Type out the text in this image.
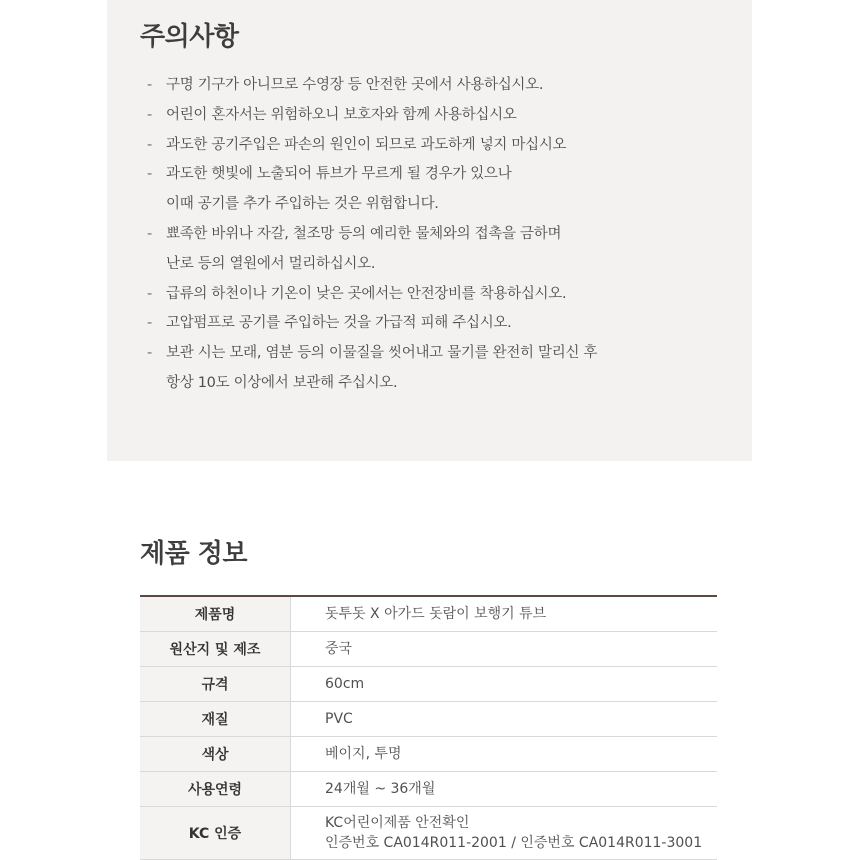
주의사항
- 구명 기구가 아니므로 수영장 등 안전한 곳에서 사용하십시오.
- 어린이 혼자서는 위험하오니 보호자와 함께 사용하십시오
- 과도한 공기주입은 파손의 원인이 되므로 과도하게 넣지 마십시오
- 과도한 햇빛에 노출되어 튜브가 무르게 될 경우가 있으나
이때 공기를 추가 주입하는 것은 위험합니다.
- 뾰족한 바위나 자갈, 철조망 등의 예리한 물체와의 접촉을 금하며
난로 등의 열원에서 멀리하십시오.
- 급류의 하천이나 기온이 낮은 곳에서는 안전장비를 착용하십시오.
- 고압펌프로 공기를 주입하는 것을 가급적 피해 주십시오.
- 보관 시는 모래, 염분 등의 이물질을 씻어내고 물기를 완전히 말리신 후
항상 10도 이상에서 보관해 주십시오.
제품 정보
제품명	돗투돗 X 아가드 돗람이 보행기 튜브

원산지 및 제조	중국

규격	60cm

재질	PVC

색상	베이지, 투명

사용연령	24개월 ~ 36개월

KC 인증	KC어린이제품 안전확인
인증번호 CA014R011-2001 / 인증번호 CA014R011-3001
